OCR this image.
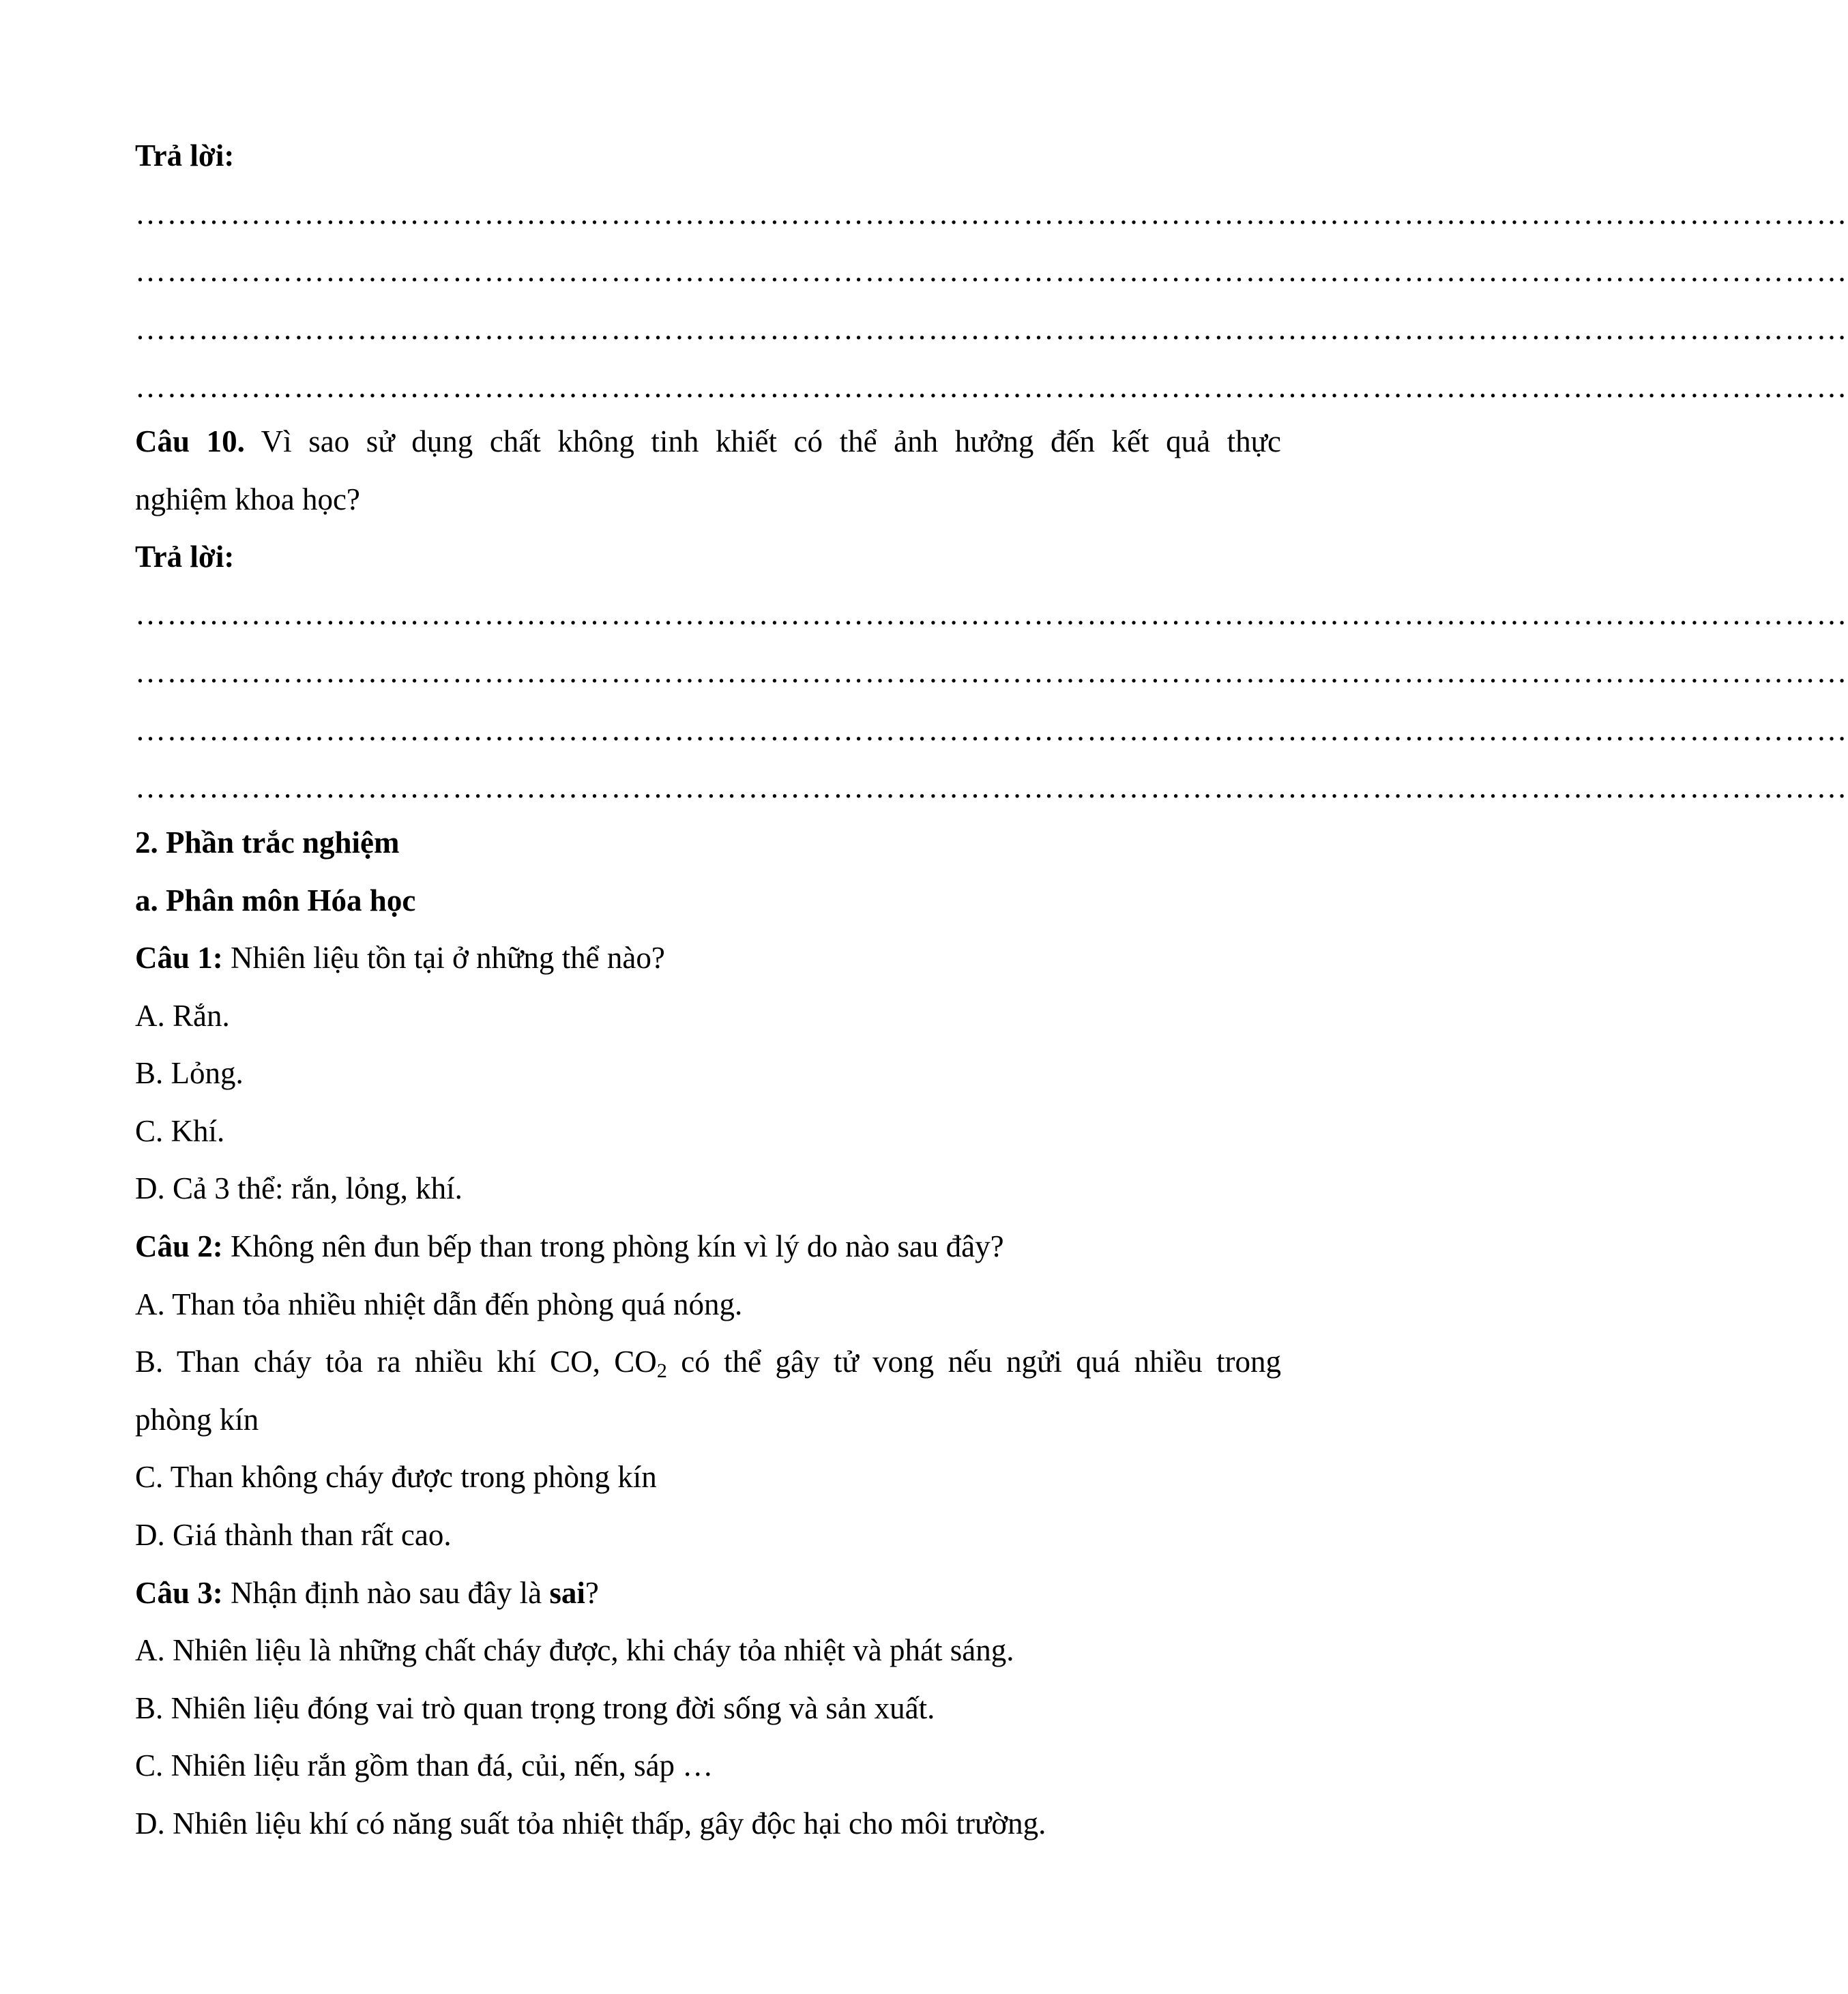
Trả lời:
………………………………………………………………………………………………………………………………………………
………………………………………………………………………………………………………………………………………………
………………………………………………………………………………………………………………………………………………
………………………………………………………………………………………………………………………………………………
Câu 10. Vì sao sử dụng chất không tinh khiết có thể ảnh hưởng đến kết quả thực
nghiệm khoa học?
Trả lời:
………………………………………………………………………………………………………………………………………………
………………………………………………………………………………………………………………………………………………
………………………………………………………………………………………………………………………………………………
………………………………………………………………………………………………………………………………………………
2. Phần trắc nghiệm
a. Phân môn Hóa học
Câu 1: Nhiên liệu tồn tại ở những thể nào?
A. Rắn.
B. Lỏng.
C. Khí.
D. Cả 3 thể: rắn, lỏng, khí.
Câu 2: Không nên đun bếp than trong phòng kín vì lý do nào sau đây?
A. Than tỏa nhiều nhiệt dẫn đến phòng quá nóng.
B. Than cháy tỏa ra nhiều khí CO, $CO_2$ có thể gây tử vong nếu ngửi quá nhiều trong
phòng kín
C. Than không cháy được trong phòng kín
D. Giá thành than rất cao.
Câu 3: Nhận định nào sau đây là sai?
A. Nhiên liệu là những chất cháy được, khi cháy tỏa nhiệt và phát sáng.
B. Nhiên liệu đóng vai trò quan trọng trong đời sống và sản xuất.
C. Nhiên liệu rắn gồm than đá, củi, nến, sáp …
D. Nhiên liệu khí có năng suất tỏa nhiệt thấp, gây độc hại cho môi trường.
